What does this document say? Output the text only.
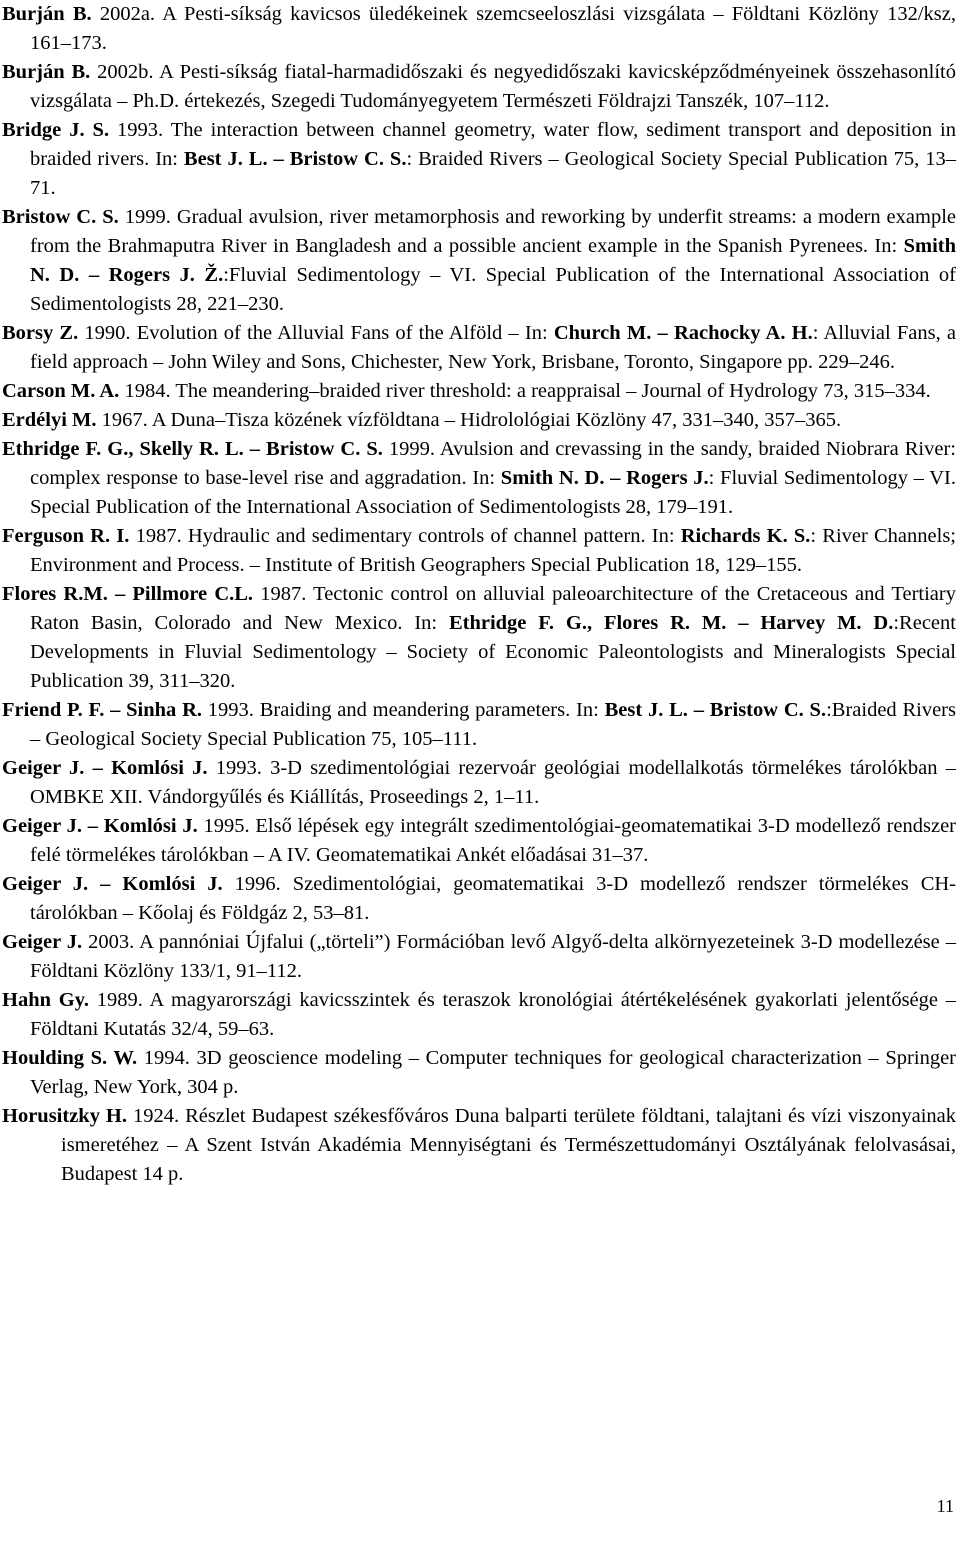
Burján B. 2002a. A Pesti-síkság kavicsos üledékeinek szemcseeloszlási vizsgálata – Földtani Közlöny 132/ksz, 161–173.

Burján B. 2002b. A Pesti-síkság fiatal-harmadidőszaki és negyedidőszaki kavicsképződményeinek összehasonlító vizsgálata – Ph.D. értekezés, Szegedi Tudományegyetem Természeti Földrajzi Tanszék, 107–112.

Bridge J. S. 1993. The interaction between channel geometry, water flow, sediment transport and deposition in braided rivers. In: Best J. L. – Bristow C. S.: Braided Rivers – Geological Society Special Publication 75, 13–71.

Bristow C. S. 1999. Gradual avulsion, river metamorphosis and reworking by underfit streams: a modern example from the Brahmaputra River in Bangladesh and a possible ancient example in the Spanish Pyrenees. In: Smith N. D. – Rogers J. Ž.:Fluvial Sedimentology – VI. Special Publication of the International Association of Sedimentologists 28, 221–230.

Borsy Z. 1990. Evolution of the Alluvial Fans of the Alföld – In: Church M. – Rachocky A. H.: Alluvial Fans, a field approach – John Wiley and Sons, Chichester, New York, Brisbane, Toronto, Singapore pp. 229–246.

Carson M. A. 1984. The meandering–braided river threshold: a reappraisal – Journal of Hydrology 73, 315–334.

Erdélyi M. 1967. A Duna–Tisza közének vízföldtana – Hidrolológiai Közlöny 47, 331–340, 357–365.

Ethridge F. G., Skelly R. L. – Bristow C. S. 1999. Avulsion and crevassing in the sandy, braided Niobrara River: complex response to base-level rise and aggradation. In: Smith N. D. – Rogers J.: Fluvial Sedimentology – VI. Special Publication of the International Association of Sedimentologists 28, 179–191.

Ferguson R. I. 1987. Hydraulic and sedimentary controls of channel pattern. In: Richards K. S.: River Channels; Environment and Process. – Institute of British Geographers Special Publication 18, 129–155.

Flores R.M. – Pillmore C.L. 1987. Tectonic control on alluvial paleoarchitecture of the Cretaceous and Tertiary Raton Basin, Colorado and New Mexico. In: Ethridge F. G., Flores R. M. – Harvey M. D.:Recent Developments in Fluvial Sedimentology – Society of Economic Paleontologists and Mineralogists Special Publication 39, 311–320.

Friend P. F. – Sinha R. 1993. Braiding and meandering parameters. In: Best J. L. – Bristow C. S.:Braided Rivers – Geological Society Special Publication 75, 105–111.

Geiger J. – Komlósi J. 1993. 3-D szedimentológiai rezervoár geológiai modellalkotás törmelékes tárolókban – OMBKE XII. Vándorgyűlés és Kiállítás, Proseedings 2, 1–11.

Geiger J. – Komlósi J. 1995. Első lépések egy integrált szedimentológiai-geomatematikai 3-D modellező rendszer felé törmelékes tárolókban – A IV. Geomatematikai Ankét előadásai 31–37.

Geiger J. – Komlósi J. 1996. Szedimentológiai, geomatematikai 3-D modellező rendszer törmelékes CH-tárolókban – Kőolaj és Földgáz 2, 53–81.

Geiger J. 2003. A pannóniai Újfalui („törteli”) Formációban levő Algyő-delta alkörnyezeteinek 3-D modellezése – Földtani Közlöny 133/1, 91–112.

Hahn Gy. 1989. A magyarországi kavicsszintek és teraszok kronológiai átértékelésének gyakorlati jelentősége – Földtani Kutatás 32/4, 59–63.

Houlding S. W. 1994. 3D geoscience modeling – Computer techniques for geological characterization – Springer Verlag, New York, 304 p.

Horusitzky H. 1924. Részlet Budapest székesfőváros Duna balparti területe földtani, talajtani és vízi viszonyainak ismeretéhez – A Szent István Akadémia Mennyiségtani és Természettudományi Osztályának felolvasásai, Budapest 14 p.

11
